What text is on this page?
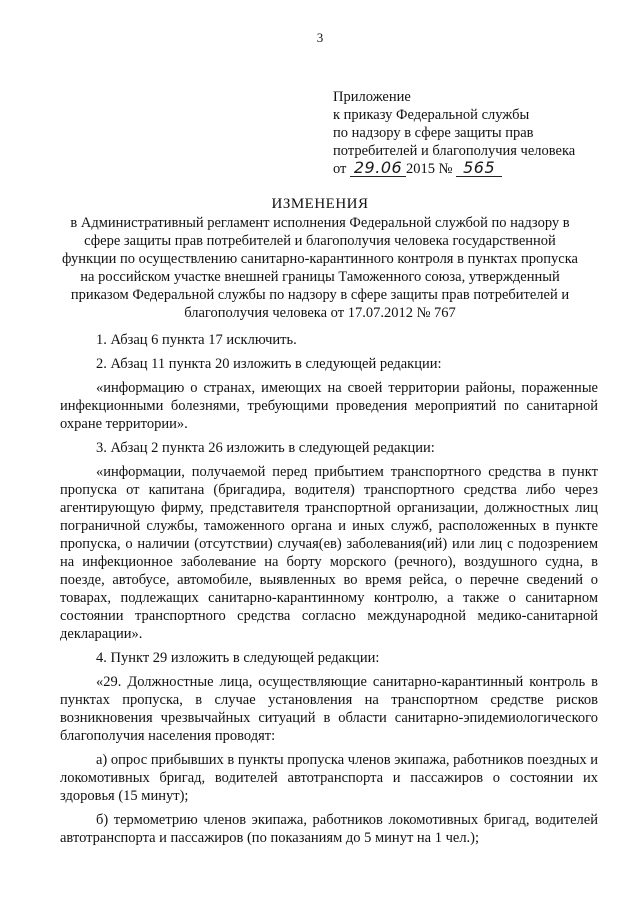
3
Приложение
к приказу Федеральной службы
по надзору в сфере защиты прав
потребителей и благополучия человека
от 29.06 2015 № 565
ИЗМЕНЕНИЯ
в Административный регламент исполнения Федеральной службой по надзору в сфере защиты прав потребителей и благополучия человека государственной функции по осуществлению санитарно-карантинного контроля в пунктах пропуска на российском участке внешней границы Таможенного союза, утвержденный приказом Федеральной службы по надзору в сфере защиты прав потребителей и благополучия человека от 17.07.2012 № 767

1. Абзац 6 пункта 17 исключить.

2. Абзац 11 пункта 20 изложить в следующей редакции:

«информацию о странах, имеющих на своей территории районы, пораженные инфекционными болезнями, требующими проведения мероприятий по санитарной охране территории».

3. Абзац 2 пункта 26 изложить в следующей редакции:

«информации, получаемой перед прибытием транспортного средства в пункт пропуска от капитана (бригадира, водителя) транспортного средства либо через агентирующую фирму, представителя транспортной организации, должностных лиц пограничной службы, таможенного органа и иных служб, расположенных в пункте пропуска, о наличии (отсутствии) случая(ев) заболевания(ий) или лиц с подозрением на инфекционное заболевание на борту морского (речного), воздушного судна, в поезде, автобусе, автомобиле, выявленных во время рейса, о перечне сведений о товарах, подлежащих санитарно-карантинному контролю, а также о санитарном состоянии транспортного средства согласно международной медико-санитарной декларации».

4. Пункт 29 изложить в следующей редакции:

«29. Должностные лица, осуществляющие санитарно-карантинный контроль в пунктах пропуска, в случае установления на транспортном средстве рисков возникновения чрезвычайных ситуаций в области санитарно-эпидемиологического благополучия населения проводят:

а) опрос прибывших в пункты пропуска членов экипажа, работников поездных и локомотивных бригад, водителей автотранспорта и пассажиров о состоянии их здоровья (15 минут);

б) термометрию членов экипажа, работников локомотивных бригад, водителей автотранспорта и пассажиров (по показаниям до 5 минут на 1 чел.);
